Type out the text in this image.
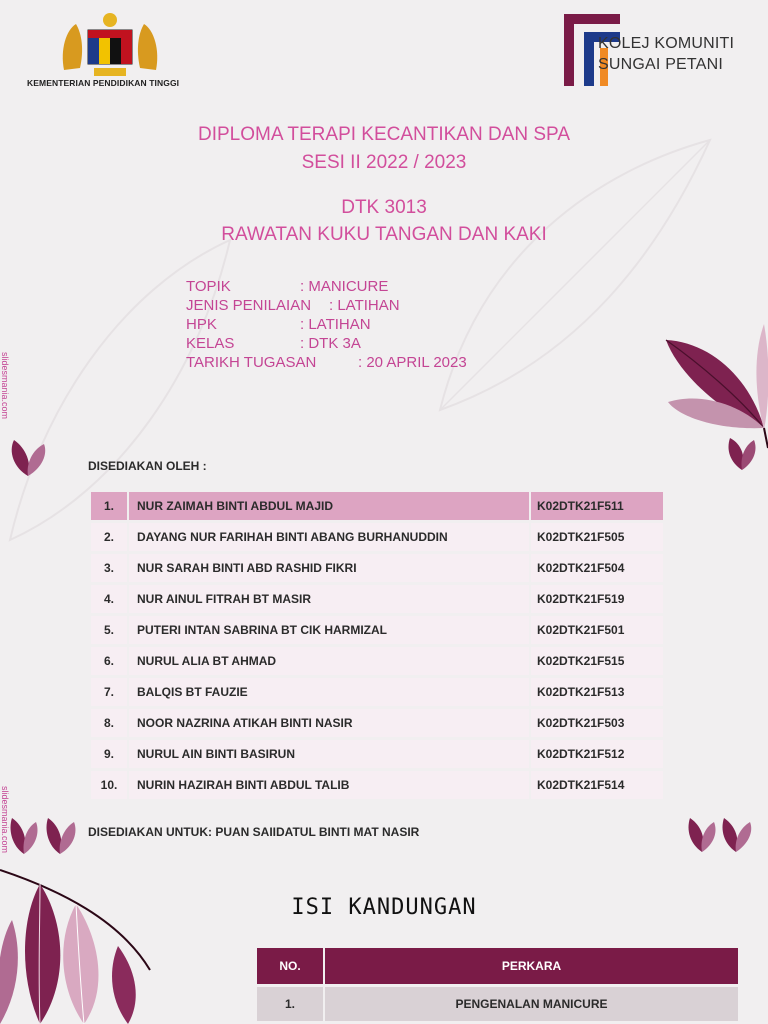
KEMENTERIAN PENDIDIKAN TINGGI
KOLEJ KOMUNITI
SUNGAI PETANI
DIPLOMA TERAPI KECANTIKAN DAN SPA
SESI II 2022 / 2023
DTK 3013
RAWATAN KUKU TANGAN DAN KAKI
TOPIK	: MANICURE
JENIS PENILAIAN : LATIHAN
HPK	: LATIHAN
KELAS	: DTK 3A
TARIKH TUGASAN	: 20 APRIL 2023
DISEDIAKAN OLEH :
1.	NUR ZAIMAH BINTI ABDUL MAJID	K02DTK21F511
2.	DAYANG NUR FARIHAH BINTI ABANG BURHANUDDIN	K02DTK21F505
3.	NUR SARAH BINTI ABD RASHID FIKRI	K02DTK21F504
4.	NUR AINUL FITRAH BT MASIR	K02DTK21F519
5.	PUTERI INTAN SABRINA BT CIK HARMIZAL	K02DTK21F501
6.	NURUL ALIA BT AHMAD	K02DTK21F515
7.	BALQIS BT FAUZIE	K02DTK21F513
8.	NOOR NAZRINA ATIKAH BINTI NASIR	K02DTK21F503
9.	NURUL AIN BINTI BASIRUN	K02DTK21F512
10.	NURIN HAZIRAH BINTI ABDUL TALIB	K02DTK21F514
DISEDIAKAN UNTUK: PUAN SAIIDATUL BINTI MAT NASIR
slidesmania.com
slidesmania.com
ISI KANDUNGAN
NO.	PERKARA
1.	PENGENALAN MANICURE
